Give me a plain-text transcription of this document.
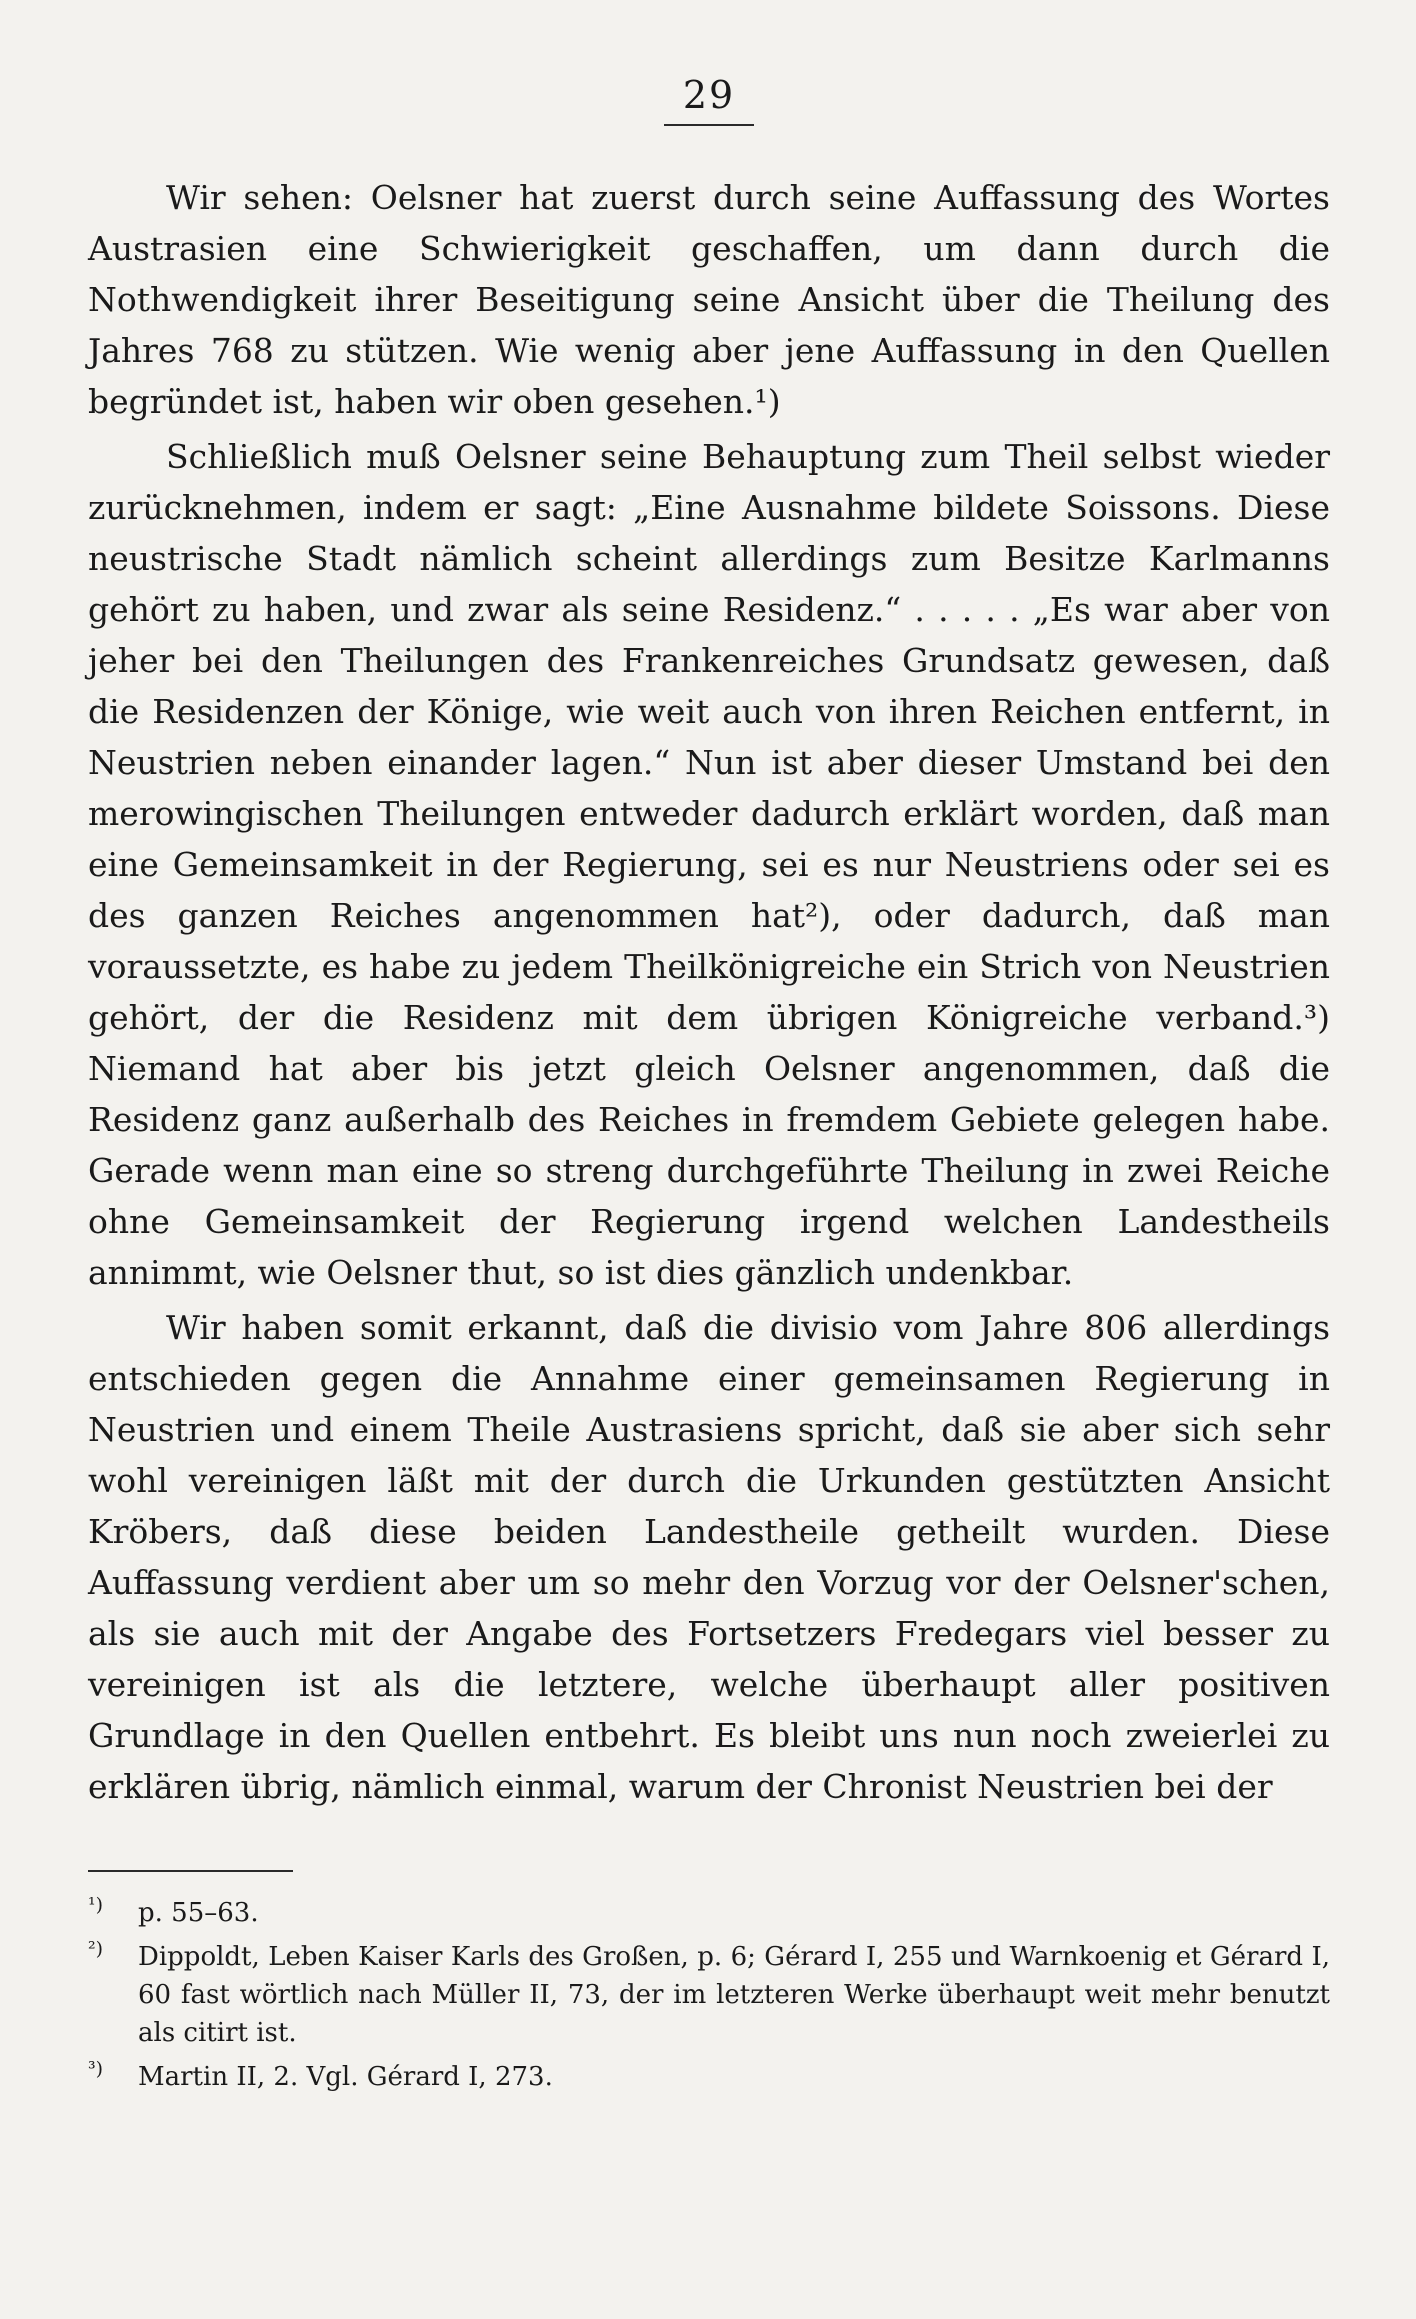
29

Wir sehen: Oelsner hat zuerst durch seine Auffassung des Wortes Austrasien eine Schwierigkeit geschaffen, um dann durch die Nothwendigkeit ihrer Beseitigung seine Ansicht über die Theilung des Jahres 768 zu stützen. Wie wenig aber jene Auffassung in den Quellen begründet ist, haben wir oben gesehen.¹)

Schließlich muß Oelsner seine Behauptung zum Theil selbst wieder zurücknehmen, indem er sagt: „Eine Ausnahme bildete Soissons. Diese neustrische Stadt nämlich scheint allerdings zum Besitze Karlmanns gehört zu haben, und zwar als seine Residenz.“ . . . . . „Es war aber von jeher bei den Theilungen des Frankenreiches Grundsatz gewesen, daß die Residenzen der Könige, wie weit auch von ihren Reichen entfernt, in Neustrien neben einander lagen.“ Nun ist aber dieser Umstand bei den merowingischen Theilungen entweder dadurch erklärt worden, daß man eine Gemeinsamkeit in der Regierung, sei es nur Neustriens oder sei es des ganzen Reiches angenommen hat²), oder dadurch, daß man voraussetzte, es habe zu jedem Theilkönigreiche ein Strich von Neustrien gehört, der die Residenz mit dem übrigen Königreiche verband.³) Niemand hat aber bis jetzt gleich Oelsner angenommen, daß die Residenz ganz außerhalb des Reiches in fremdem Gebiete gelegen habe. Gerade wenn man eine so streng durchgeführte Theilung in zwei Reiche ohne Gemeinsamkeit der Regierung irgend welchen Landestheils annimmt, wie Oelsner thut, so ist dies gänzlich undenkbar.

Wir haben somit erkannt, daß die divisio vom Jahre 806 allerdings entschieden gegen die Annahme einer gemeinsamen Regierung in Neustrien und einem Theile Austrasiens spricht, daß sie aber sich sehr wohl vereinigen läßt mit der durch die Urkunden gestützten Ansicht Kröbers, daß diese beiden Landestheile getheilt wurden. Diese Auffassung verdient aber um so mehr den Vorzug vor der Oelsner'schen, als sie auch mit der Angabe des Fortsetzers Fredegars viel besser zu vereinigen ist als die letztere, welche überhaupt aller positiven Grundlage in den Quellen entbehrt. Es bleibt uns nun noch zweierlei zu erklären übrig, nämlich einmal, warum der Chronist Neustrien bei der

¹) p. 55–63.
²) Dippoldt, Leben Kaiser Karls des Großen, p. 6; Gérard I, 255 und Warnkoenig et Gérard I, 60 fast wörtlich nach Müller II, 73, der im letzteren Werke überhaupt weit mehr benutzt als citirt ist.
³) Martin II, 2. Vgl. Gérard I, 273.
